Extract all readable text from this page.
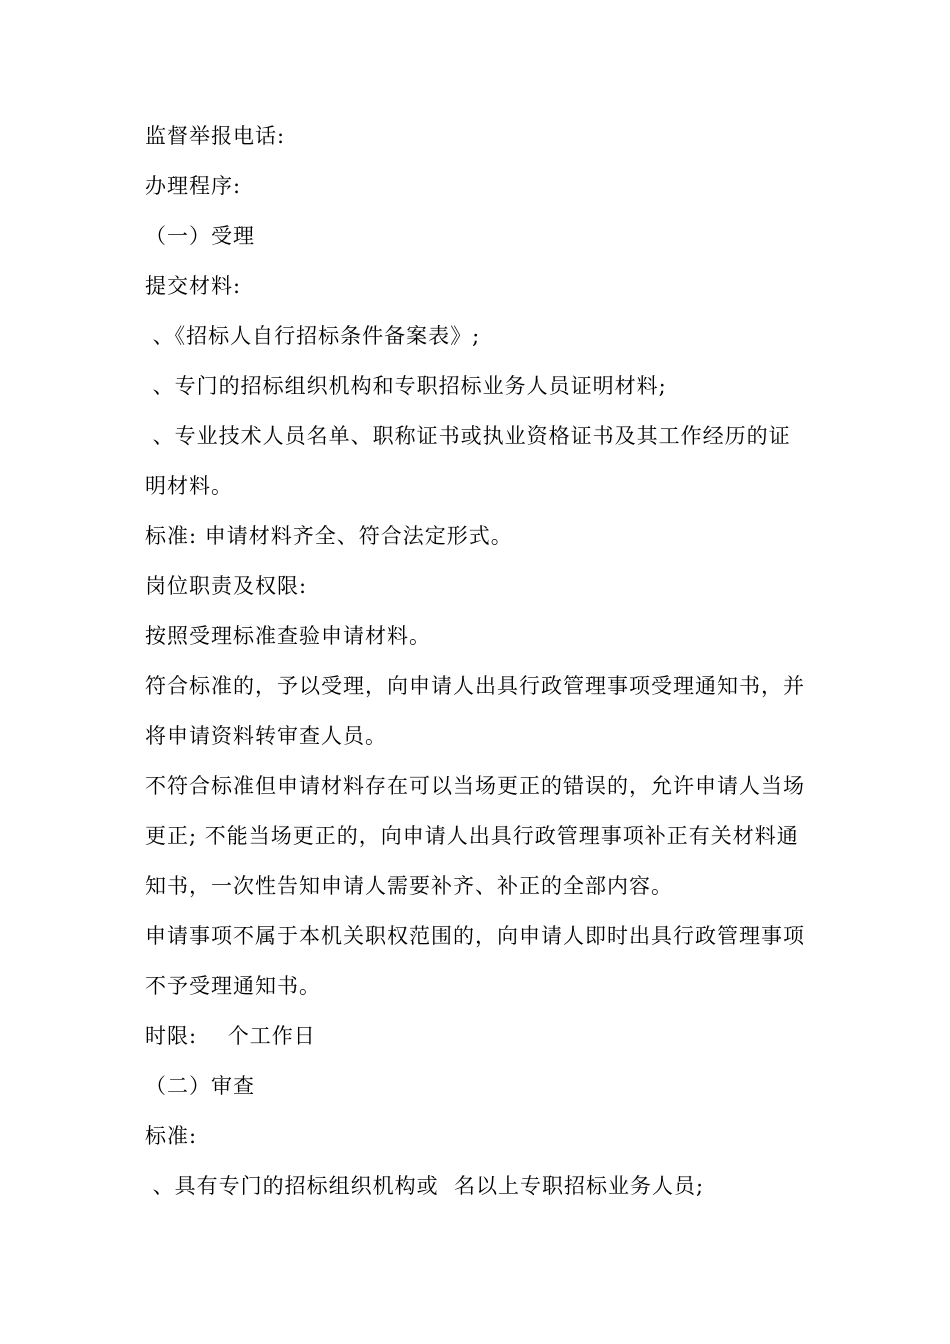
监督举报电话:
办理程序:
（一）受理
提交材料:
、《招标人自行招标条件备案表》;
、专门的招标组织机构和专职招标业务人员证明材料;
、专业技术人员名单、职称证书或执业资格证书及其工作经历的证
明材料。
标准: 申请材料齐全、符合法定形式。
岗位职责及权限:
按照受理标准查验申请材料。
符合标准的，予以受理，向申请人出具行政管理事项受理通知书，并
将申请资料转审查人员。
不符合标准但申请材料存在可以当场更正的错误的，允许申请人当场
更正; 不能当场更正的，向申请人出具行政管理事项补正有关材料通
知书，一次性告知申请人需要补齐、补正的全部内容。
申请事项不属于本机关职权范围的，向申请人即时出具行政管理事项
不予受理通知书。
时限:    个工作日
（二）审查
标准:
、具有专门的招标组织机构或  名以上专职招标业务人员;
